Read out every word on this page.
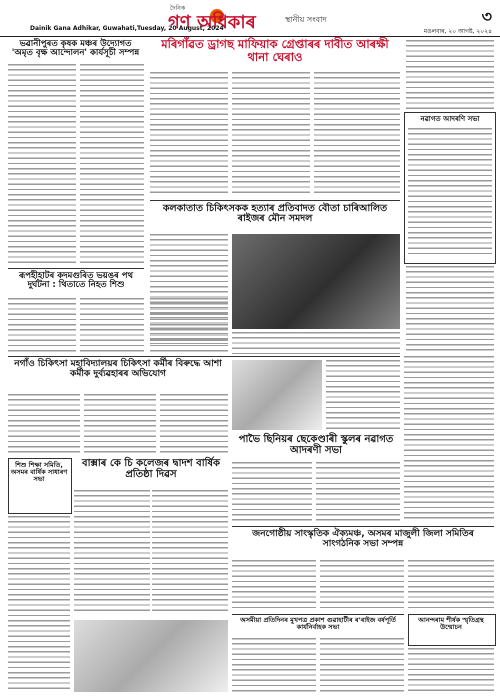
দৈনিক
গণ অধিকাৰ	স্থানীয় সংবাদ	৩
Dainik Gana Adhikar, Guwahati,Tuesday, 20 August, 2024	মঙলবাৰ, ২০ আগষ্ট, ২০২৪
ভৱানীপুৰত কৃষক মঞ্চৰ উদ্যোগত 'অমৃত বৃক্ষ আন্দোলন' কাৰ্যসূচী সম্পন্ন
মৰিগাঁৱত ড্ৰাগছ মাফিয়াক গ্ৰেপ্তাৰৰ দাবীত আৰক্ষী থানা ঘেৰাও
নৱাগত আদৰণি সভা
কলকাতাত চিকিৎসকক হত্যাৰ প্ৰতিবাদত বৌতা চাৰিআলিত ৰাইজৰ মৌন সমদল
ৰূপহীহাটৰ কদমগুৰিত ভয়ঙৰ পথ দুৰ্ঘটনা : থিতাতে নিহত শিশু
নগাঁও চিকিৎসা মহাবিদ্যালয়ৰ চিকিৎসা কৰ্মীৰ বিৰুদ্ধে আশা কৰ্মীক দুৰ্ব্যৱহাৰৰ অভিযোগ
পাভৈ ছিনিয়ৰ ছেকেণ্ডাৰী স্কুলৰ নৱাগত আদৰণী সভা
শিশু শিক্ষা সমিতি, অসমৰ বাৰ্ষিক সাধাৰণ সভা
বাক্সাৰ কে চি কলেজৰ দ্বাদশ বাৰ্ষিক প্ৰতিষ্ঠা দিৱস
জনগোষ্ঠীয় সাংস্কৃতিক ঐক্যমঞ্চ, অসমৰ মাজুলী জিলা সমিতিৰ সাংগঠনিক সভা সম্পন্ন
অসমীয়া প্ৰতিদিনৰ মুখপত্ৰ প্ৰকাশ গুৱাহাটীৰ ৰ'ৰাইজ বৰ্ষপূৰ্তি কাৰ্যনিৰ্বাহক সভা
আনন্দৰাম শীৰ্ষক স্মৃতিগ্ৰন্থ উন্মোচন
